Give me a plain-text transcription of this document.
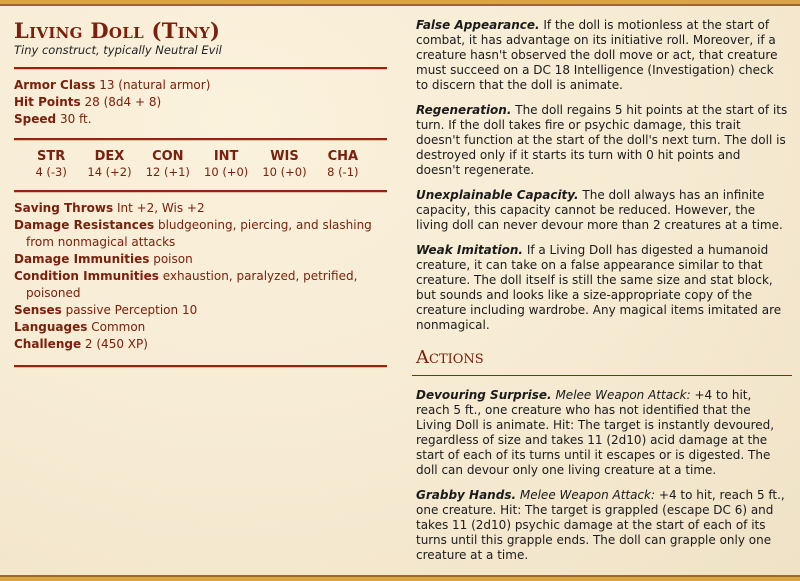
Living Doll (Tiny)
Tiny construct, typically Neutral Evil
Armor Class 13 (natural armor)
Hit Points 28 (8d4 + 8)
Speed 30 ft.
STR
4 (-3)
DEX
14 (+2)
CON
12 (+1)
INT
10 (+0)
WIS
10 (+0)
CHA
8 (-1)
Saving Throws Int +2, Wis +2
Damage Resistances bludgeoning, piercing, and slashing from nonmagical attacks
Damage Immunities poison
Condition Immunities exhaustion, paralyzed, petrified, poisoned
Senses passive Perception 10
Languages Common
Challenge 2 (450 XP)
False Appearance. If the doll is motionless at the start of combat, it has advantage on its initiative roll. Moreover, if a creature hasn't observed the doll move or act, that creature must succeed on a DC 18 Intelligence (Investigation) check to discern that the doll is animate.
Regeneration. The doll regains 5 hit points at the start of its turn. If the doll takes fire or psychic damage, this trait doesn't function at the start of the doll's next turn. The doll is destroyed only if it starts its turn with 0 hit points and doesn't regenerate.
Unexplainable Capacity. The doll always has an infinite capacity, this capacity cannot be reduced. However, the living doll can never devour more than 2 creatures at a time.
Weak Imitation. If a Living Doll has digested a humanoid creature, it can take on a false appearance similar to that creature. The doll itself is still the same size and stat block, but sounds and looks like a size-appropriate copy of the creature including wardrobe. Any magical items imitated are nonmagical.
Actions
Devouring Surprise. Melee Weapon Attack: +4 to hit, reach 5 ft., one creature who has not identified that the Living Doll is animate. Hit: The target is instantly devoured, regardless of size and takes 11 (2d10) acid damage at the start of each of its turns until it escapes or is digested. The doll can devour only one living creature at a time.
Grabby Hands. Melee Weapon Attack: +4 to hit, reach 5 ft., one creature. Hit: The target is grappled (escape DC 6) and takes 11 (2d10) psychic damage at the start of each of its turns until this grapple ends. The doll can grapple only one creature at a time.
